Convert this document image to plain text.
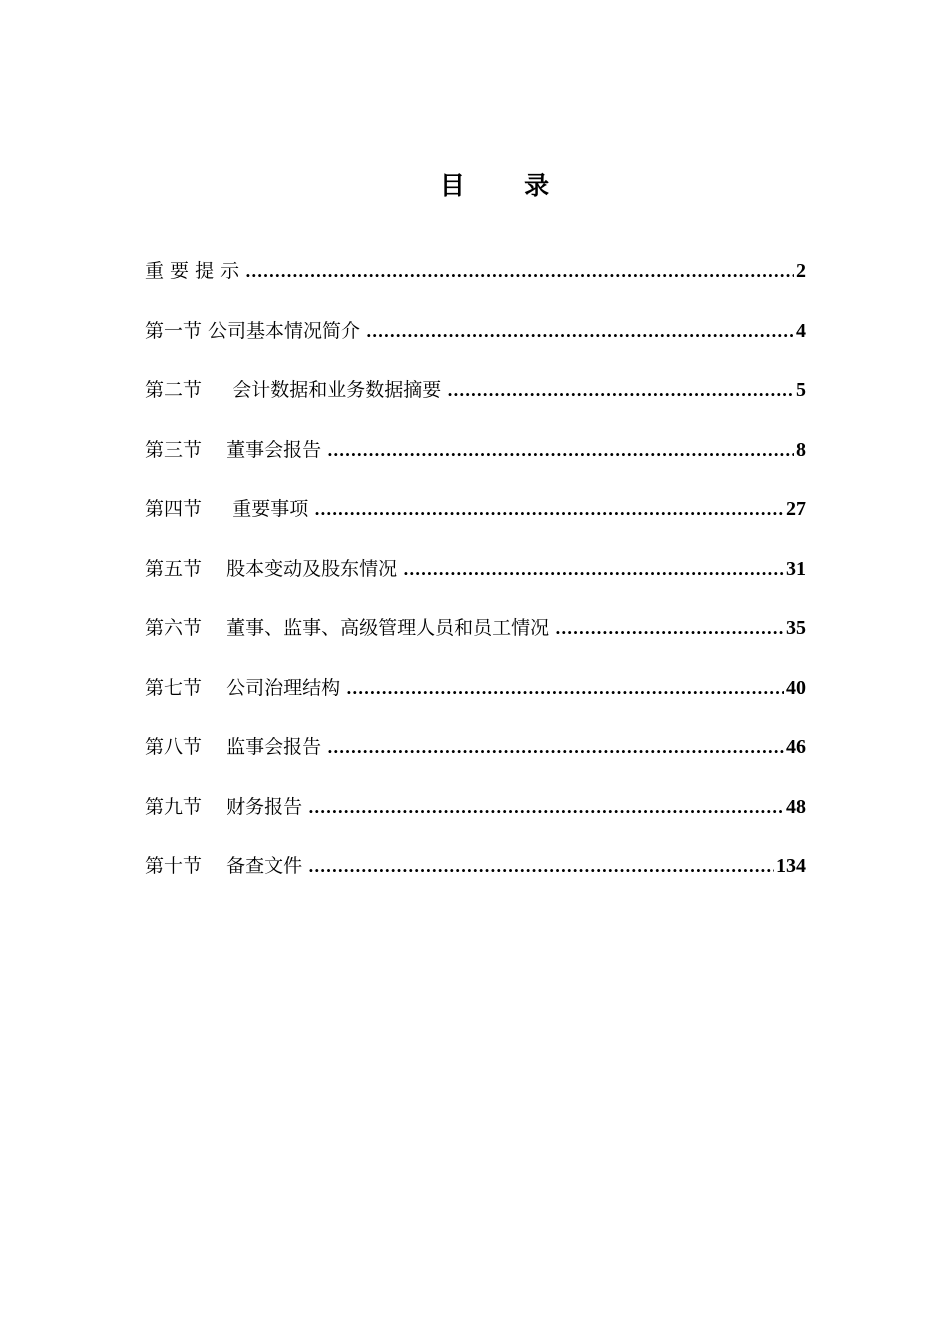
目      录
重 要 提 示 .....	2
第一节 公司基本情况简介 .....	4
第二节     会计数据和业务数据摘要 .....	5
第三节    董事会报告 .....	8
第四节     重要事项 .....	27
第五节    股本变动及股东情况 .....	31
第六节    董事、监事、高级管理人员和员工情况 .....	35
第七节    公司治理结构 .....	40
第八节    监事会报告 .....	46
第九节    财务报告 .....	48
第十节    备查文件 .....	134
